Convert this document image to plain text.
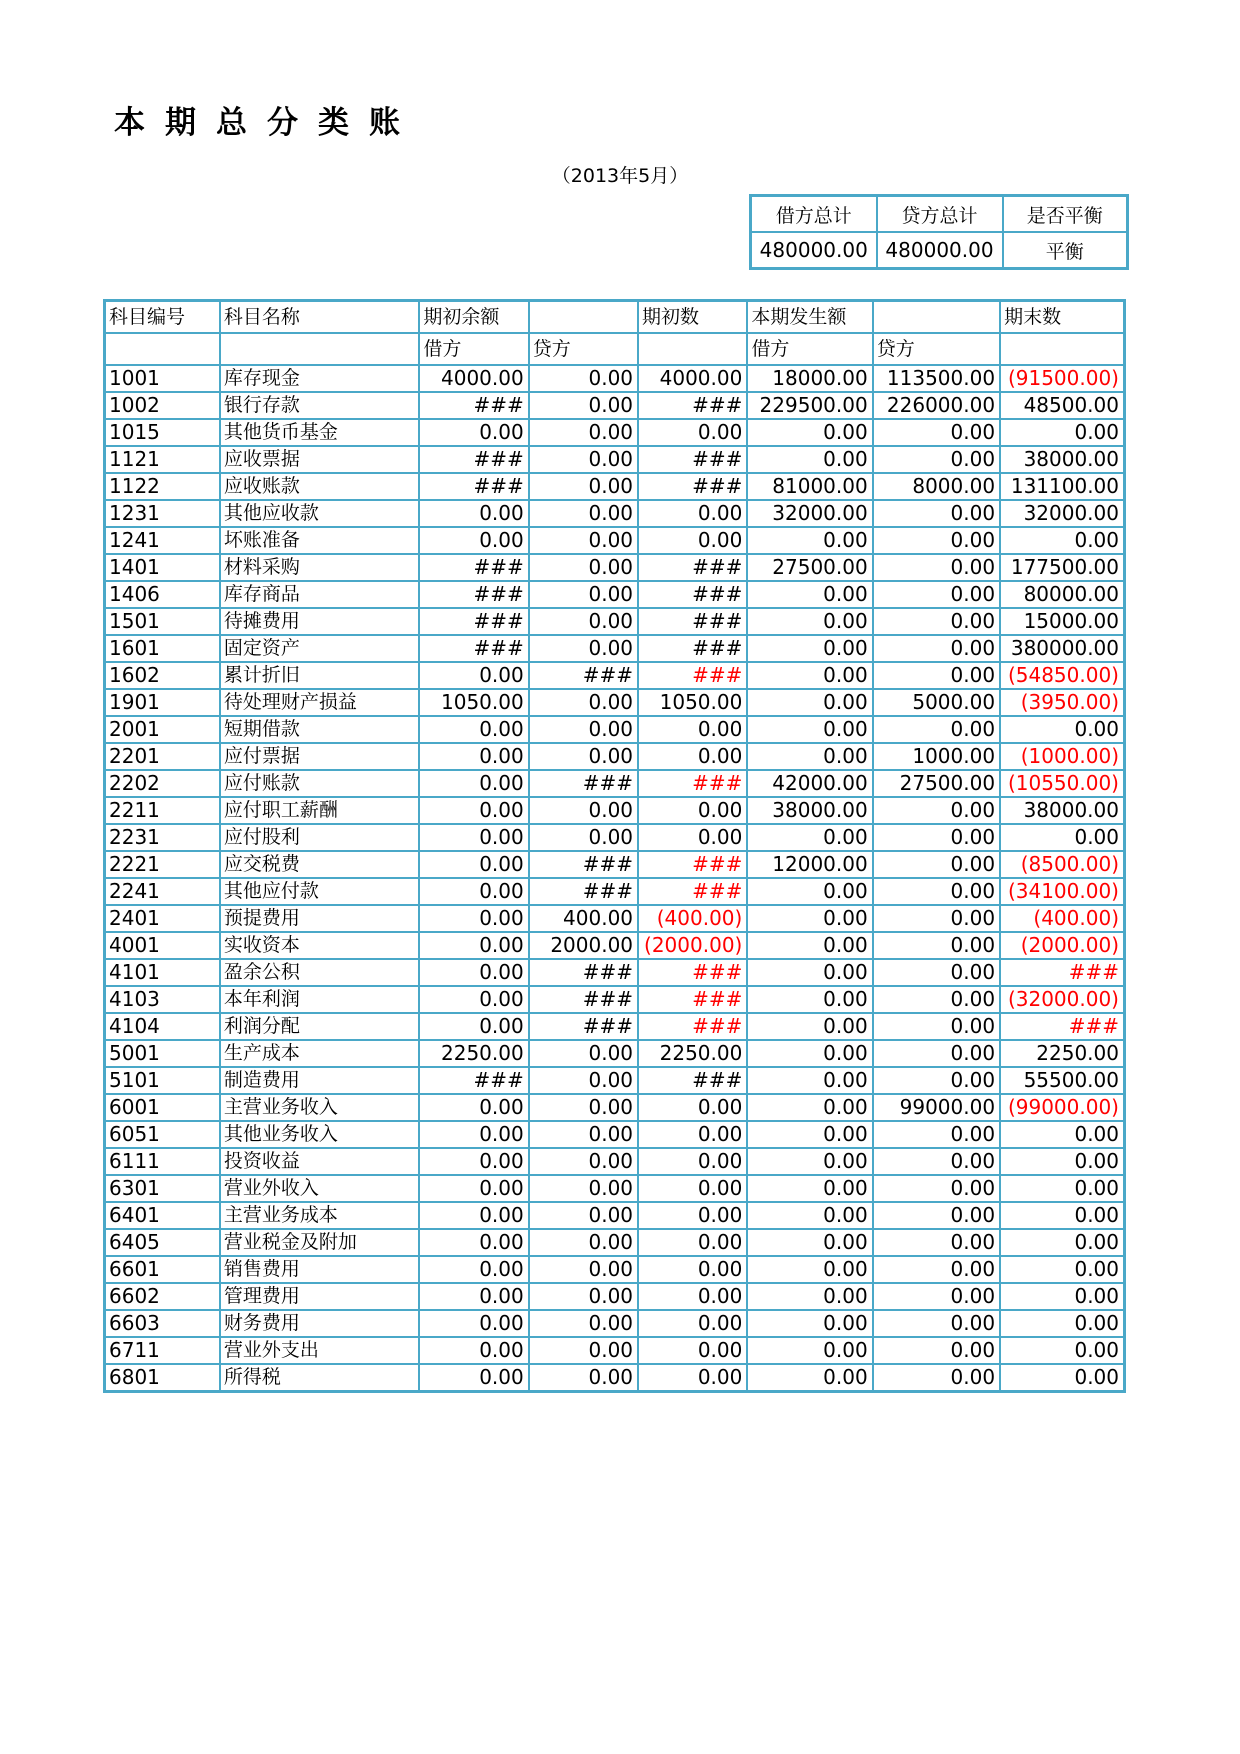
本期总分类账
（2013年5月）
借方总计	贷方总计	是否平衡
480000.00	480000.00	平衡
科目编号	科目名称	期初余额		期初数	本期发生额		期末数
		借方	贷方		借方	贷方	
1001	库存现金	4000.00	0.00	4000.00	18000.00	113500.00	(91500.00)
1002	银行存款	###	0.00	###	229500.00	226000.00	48500.00
1015	其他货币基金	0.00	0.00	0.00	0.00	0.00	0.00
1121	应收票据	###	0.00	###	0.00	0.00	38000.00
1122	应收账款	###	0.00	###	81000.00	8000.00	131100.00
1231	其他应收款	0.00	0.00	0.00	32000.00	0.00	32000.00
1241	坏账准备	0.00	0.00	0.00	0.00	0.00	0.00
1401	材料采购	###	0.00	###	27500.00	0.00	177500.00
1406	库存商品	###	0.00	###	0.00	0.00	80000.00
1501	待摊费用	###	0.00	###	0.00	0.00	15000.00
1601	固定资产	###	0.00	###	0.00	0.00	380000.00
1602	累计折旧	0.00	###	###	0.00	0.00	(54850.00)
1901	待处理财产损益	1050.00	0.00	1050.00	0.00	5000.00	(3950.00)
2001	短期借款	0.00	0.00	0.00	0.00	0.00	0.00
2201	应付票据	0.00	0.00	0.00	0.00	1000.00	(1000.00)
2202	应付账款	0.00	###	###	42000.00	27500.00	(10550.00)
2211	应付职工薪酬	0.00	0.00	0.00	38000.00	0.00	38000.00
2231	应付股利	0.00	0.00	0.00	0.00	0.00	0.00
2221	应交税费	0.00	###	###	12000.00	0.00	(8500.00)
2241	其他应付款	0.00	###	###	0.00	0.00	(34100.00)
2401	预提费用	0.00	400.00	(400.00)	0.00	0.00	(400.00)
4001	实收资本	0.00	2000.00	(2000.00)	0.00	0.00	(2000.00)
4101	盈余公积	0.00	###	###	0.00	0.00	###
4103	本年利润	0.00	###	###	0.00	0.00	(32000.00)
4104	利润分配	0.00	###	###	0.00	0.00	###
5001	生产成本	2250.00	0.00	2250.00	0.00	0.00	2250.00
5101	制造费用	###	0.00	###	0.00	0.00	55500.00
6001	主营业务收入	0.00	0.00	0.00	0.00	99000.00	(99000.00)
6051	其他业务收入	0.00	0.00	0.00	0.00	0.00	0.00
6111	投资收益	0.00	0.00	0.00	0.00	0.00	0.00
6301	营业外收入	0.00	0.00	0.00	0.00	0.00	0.00
6401	主营业务成本	0.00	0.00	0.00	0.00	0.00	0.00
6405	营业税金及附加	0.00	0.00	0.00	0.00	0.00	0.00
6601	销售费用	0.00	0.00	0.00	0.00	0.00	0.00
6602	管理费用	0.00	0.00	0.00	0.00	0.00	0.00
6603	财务费用	0.00	0.00	0.00	0.00	0.00	0.00
6711	营业外支出	0.00	0.00	0.00	0.00	0.00	0.00
6801	所得税	0.00	0.00	0.00	0.00	0.00	0.00
